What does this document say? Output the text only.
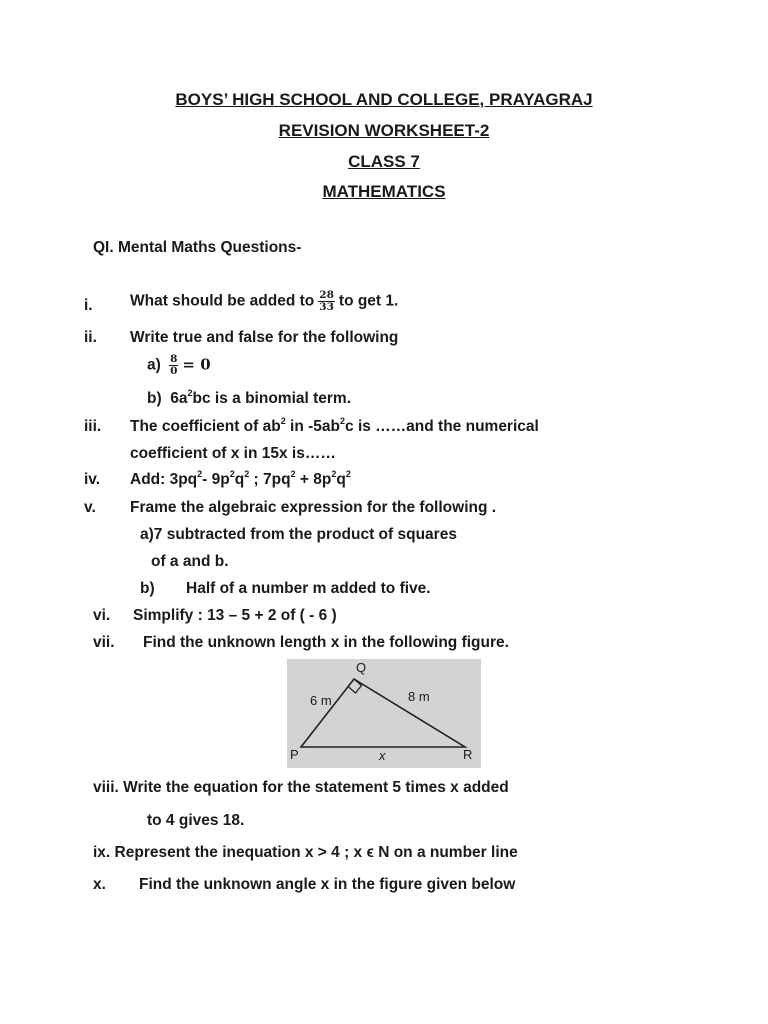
BOYS’ HIGH SCHOOL AND COLLEGE, PRAYAGRAJ
REVISION WORKSHEET-2
CLASS 7
MATHEMATICS
QI. Mental Maths Questions-
i. What should be added to $\frac{28}{33}$ to get 1.
ii. Write true and false for the following
$a) \frac{8}{0} = 0$
b) $6a^2bc$ is a binomial term.
iii. The coefficient of $ab^2$ in $-5ab^2c$ is ……and the numerical
coefficient of x in 15x is……
iv. Add: $3pq^2-$ $9p^2q^2$ ; $7pq^2 + 8p^2q^2$
v. Frame the algebraic expression for the following .
a)7 subtracted from the product of squares
of a and b.
b) Half of a number m added to five.
vi. Simplify : 13 – 5 + 2 of ( - 6 )
vii. Find the unknown length x in the following figure.
Q
P	R
6 m	8 m
x
viii. Write the equation for the statement 5 times x added
to 4 gives 18.
ix. Represent the inequation x > 4 ; x ϵ N on a number line
x. Find the unknown angle x in the figure given below
